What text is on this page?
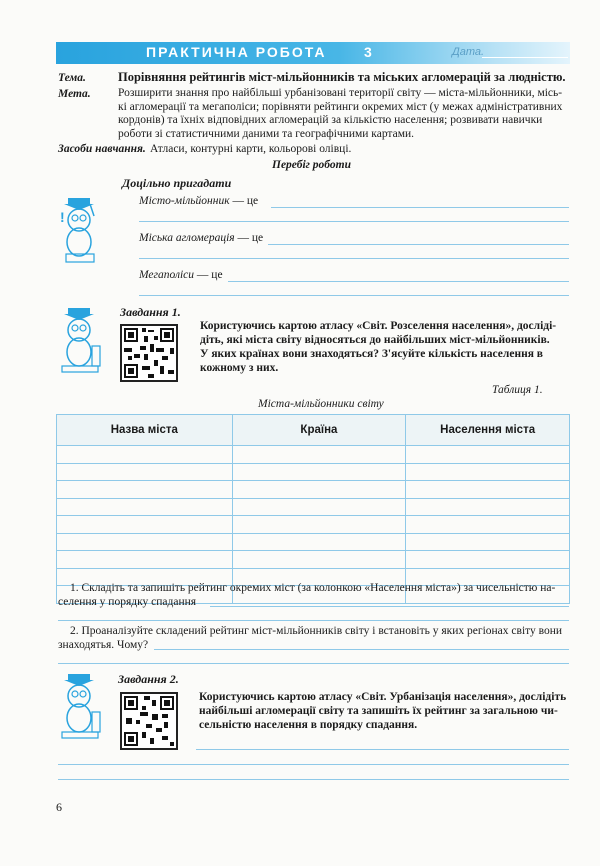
ПРАКТИЧНА РОБОТА	3	Дата.
Тема.	Порівняння рейтингів міст-мільйонників та міських агломерацій за людністю.
Мета. Розширити знання про найбільші урбанізовані території світу — міста-мільйонники, місь-
кі агломерації та мегаполіси; порівняти рейтинги окремих міст (у межах адміністративних
кордонів) та їхніх відповідних агломерацій за кількістю населення; розвивати навички
роботи зі статистичними даними та географічними картами.
Засоби навчання. Атласи, контурні карти, кольорові олівці.
Перебіг роботи
Доцільно пригадати
!
Місто-мільйонник — це
Міська агломерація — це
Мегаполіси — це
Завдання 1.
Користуючись картою атласу «Світ. Розселення населення», досліді-
діть, які міста світу відносяться до найбільших міст-мільйонників.
У яких країнах вони знаходяться? З'ясуйте кількість населення в
кожному з них.
Таблиця 1.
Міста-мільйонники світу
Назва міста	Країна	Населення міста

1. Складіть та запишіть рейтинг окремих міст (за колонкою «Населення міста») за чисельністю на-
селення у порядку спадання
2. Проаналізуйте складений рейтинг міст-мільйонників світу і встановіть у яких регіонах світу вони
знаходятья. Чому?
Завдання 2.
Користуючись картою атласу «Світ. Урбанізація населення», дослідіть
найбільші агломерації світу та запишіть їх рейтинг за загальною чи-
сельністю населення в порядку спадання.
6
